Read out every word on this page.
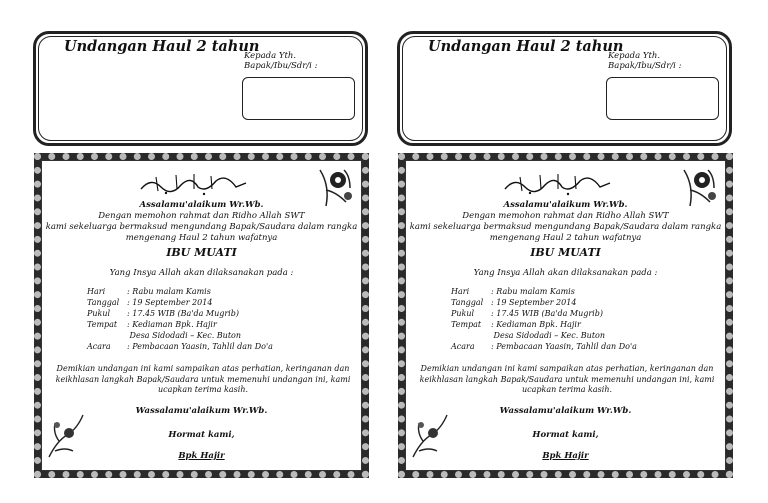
Undangan Haul 2 tahun
Kepada Yth.
Bapak/Ibu/Sdr/i :
Assalamu'alaikum Wr.Wb.
Dengan memohon rahmat dan Ridho Allah SWT
kami sekeluarga bermaksud mengundang Bapak/Saudara dalam rangka
mengenang Haul 2 tahun wafatnya
IBU MUATI
Yang Insya Allah akan dilaksanakan pada :
Hari	: Rabu malam Kamis
Tanggal : 19 September 2014
Pukul : 17.45 WIB (Ba'da Mugrib)
Tempat : Kediaman Bpk. Hajir
Desa Sidodadi – Kec. Buton
Acara : Pembacaan Yaasin, Tahlil dan Do'a
Demikian undangan ini kami sampaikan atas perhatian, keringanan dan
keikhlasan langkah Bapak/Saudara untuk memenuhi undangan ini, kami
ucapkan terima kasih.
Wassalamu'alaikum Wr.Wb.
Hormat kami,
Bpk Hajir
Undangan Haul 2 tahun
Kepada Yth.
Bapak/Ibu/Sdr/i :
Assalamu'alaikum Wr.Wb.
Dengan memohon rahmat dan Ridho Allah SWT
kami sekeluarga bermaksud mengundang Bapak/Saudara dalam rangka
mengenang Haul 2 tahun wafatnya
IBU MUATI
Yang Insya Allah akan dilaksanakan pada :
Hari	: Rabu malam Kamis
Tanggal : 19 September 2014
Pukul : 17.45 WIB (Ba'da Mugrib)
Tempat : Kediaman Bpk. Hajir
Desa Sidodadi – Kec. Buton
Acara : Pembacaan Yaasin, Tahlil dan Do'a
Demikian undangan ini kami sampaikan atas perhatian, keringanan dan
keikhlasan langkah Bapak/Saudara untuk memenuhi undangan ini, kami
ucapkan terima kasih.
Wassalamu'alaikum Wr.Wb.
Hormat kami,
Bpk Hajir
